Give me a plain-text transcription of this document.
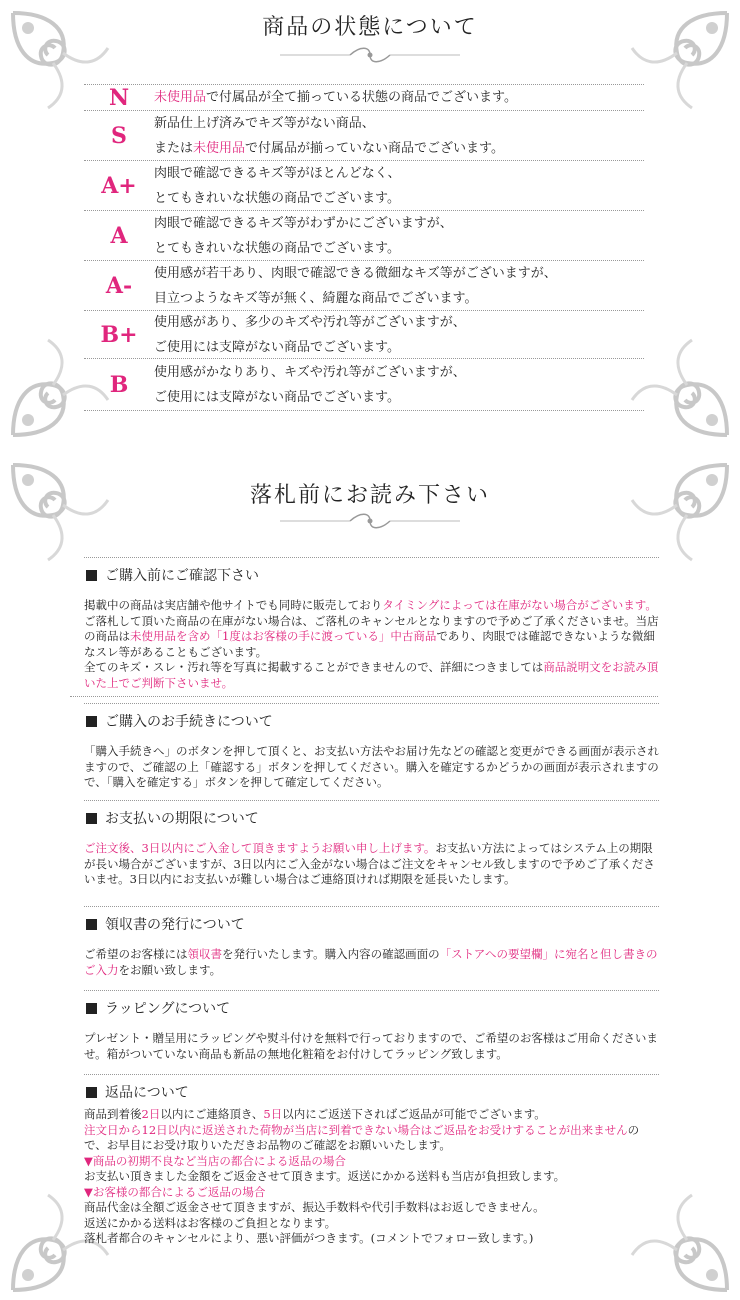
商品の状態について
N	未使用品で付属品が全て揃っている状態の商品でございます。
S	新品仕上げ済みでキズ等がない商品、
または未使用品で付属品が揃っていない商品でございます。
A+	肉眼で確認できるキズ等がほとんどなく、
とてもきれいな状態の商品でございます。
A	肉眼で確認できるキズ等がわずかにございますが、
とてもきれいな状態の商品でございます。
A-	使用感が若干あり、肉眼で確認できる微細なキズ等がございますが、
目立つようなキズ等が無く、綺麗な商品でございます。
B+	使用感があり、多少のキズや汚れ等がございますが、
ご使用には支障がない商品でございます。
B	使用感がかなりあり、キズや汚れ等がございますが、
ご使用には支障がない商品でございます。
落札前にお読み下さい
ご購入前にご確認下さい
掲載中の商品は実店舗や他サイトでも同時に販売しておりタイミングによっては在庫がない場合がございます。ご落札して頂いた商品の在庫がない場合は、ご落札のキャンセルとなりますので予めご了承くださいませ。当店の商品は未使用品を含め「1度はお客様の手に渡っている」中古商品であり、肉眼では確認できないような微細なスレ等があることもございます。
全てのキズ・スレ・汚れ等を写真に掲載することができませんので、詳細につきましては商品説明文をお読み頂いた上でご判断下さいませ。
ご購入のお手続きについて
「購入手続きへ」のボタンを押して頂くと、お支払い方法やお届け先などの確認と変更ができる画面が表示されますので、ご確認の上「確認する」ボタンを押してください。購入を確定するかどうかの画面が表示されますので、「購入を確定する」ボタンを押して確定してください。
お支払いの期限について
ご注文後、3日以内にご入金して頂きますようお願い申し上げます。お支払い方法によってはシステム上の期限が長い場合がございますが、3日以内にご入金がない場合はご注文をキャンセル致しますので予めご了承くださいませ。3日以内にお支払いが難しい場合はご連絡頂ければ期限を延長いたします。
領収書の発行について
ご希望のお客様には領収書を発行いたします。購入内容の確認画面の「ストアへの要望欄」に宛名と但し書きのご入力をお願い致します。
ラッピングについて
プレゼント・贈呈用にラッピングや熨斗付けを無料で行っておりますので、ご希望のお客様はご用命くださいませ。箱がついていない商品も新品の無地化粧箱をお付けしてラッピング致します。
返品について
商品到着後2日以内にご連絡頂き、5日以内にご返送下さればご返品が可能でございます。
注文日から12日以内に返送された荷物が当店に到着できない場合はご返品をお受けすることが出来ませんので、お早目にお受け取りいただきお品物のご確認をお願いいたします。
▼商品の初期不良など当店の都合による返品の場合
お支払い頂きました金額をご返金させて頂きます。返送にかかる送料も当店が負担致します。
▼お客様の都合によるご返品の場合
商品代金は全額ご返金させて頂きますが、振込手数料や代引手数料はお返しできません。
返送にかかる送料はお客様のご負担となります。
落札者都合のキャンセルにより、悪い評価がつきます。(コメントでフォロー致します。)
